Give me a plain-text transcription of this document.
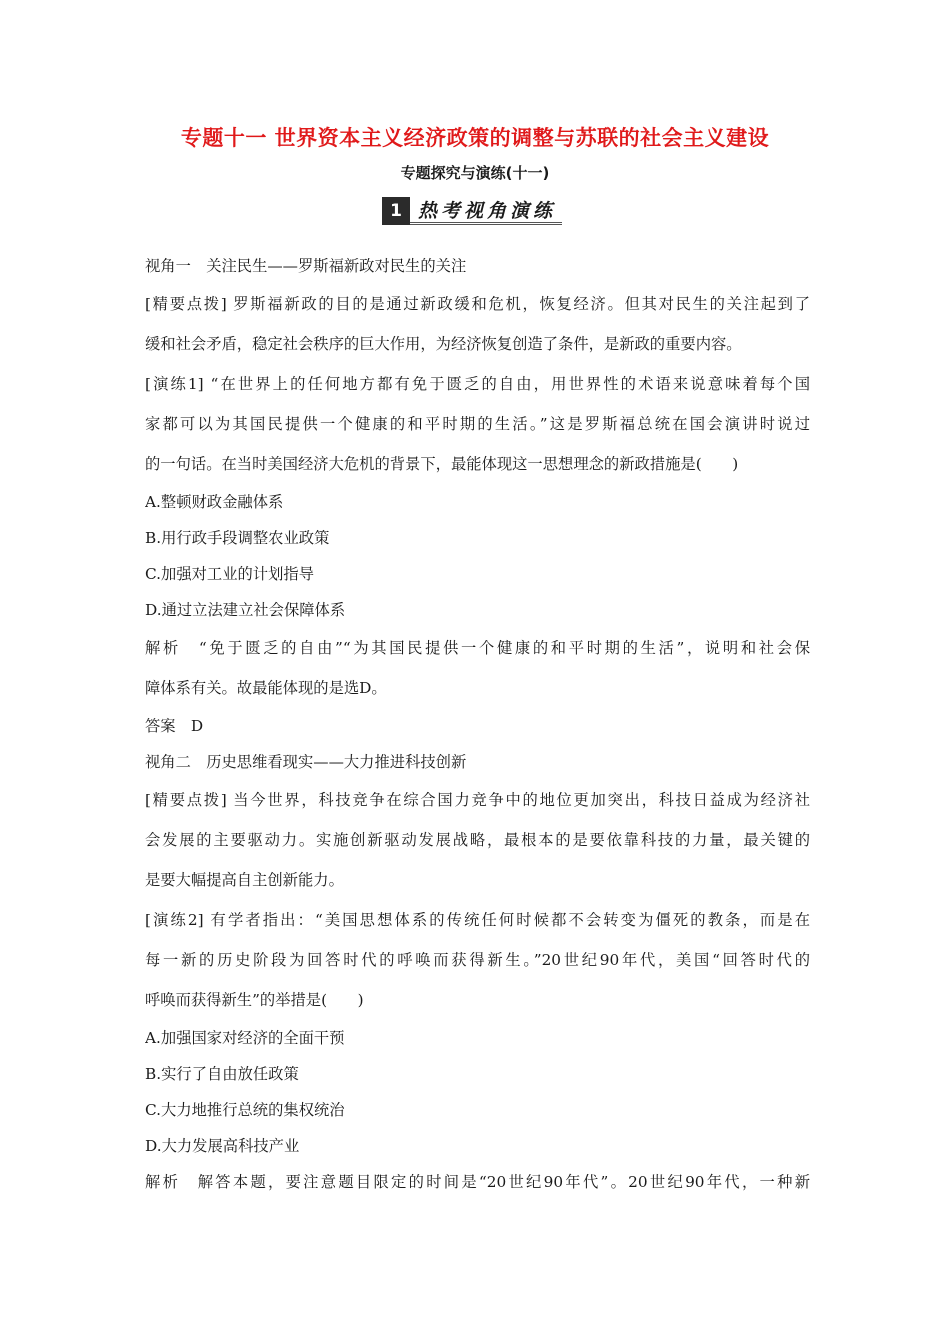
专题十一 世界资本主义经济政策的调整与苏联的社会主义建设
专题探究与演练(十一)
1 热考视角演练
视角一　关注民生——罗斯福新政对民生的关注
[精要点拨] 罗斯福新政的目的是通过新政缓和危机，恢复经济。但其对民生的关注起到了
缓和社会矛盾，稳定社会秩序的巨大作用，为经济恢复创造了条件，是新政的重要内容。
[演练1] “在世界上的任何地方都有免于匮乏的自由，用世界性的术语来说意味着每个国
家都可以为其国民提供一个健康的和平时期的生活。”这是罗斯福总统在国会演讲时说过
的一句话。在当时美国经济大危机的背景下，最能体现这一思想理念的新政措施是(　　)
A.整顿财政金融体系
B.用行政手段调整农业政策
C.加强对工业的计划指导
D.通过立法建立社会保障体系
解析　“免于匮乏的自由”“为其国民提供一个健康的和平时期的生活”，说明和社会保
障体系有关。故最能体现的是选D。
答案　D
视角二　历史思维看现实——大力推进科技创新
[精要点拨] 当今世界，科技竞争在综合国力竞争中的地位更加突出，科技日益成为经济社
会发展的主要驱动力。实施创新驱动发展战略，最根本的是要依靠科技的力量，最关键的
是要大幅提高自主创新能力。
[演练2] 有学者指出：“美国思想体系的传统任何时候都不会转变为僵死的教条，而是在
每一新的历史阶段为回答时代的呼唤而获得新生。”20世纪90年代，美国“回答时代的
呼唤而获得新生”的举措是(　　)
A.加强国家对经济的全面干预
B.实行了自由放任政策
C.大力地推行总统的集权统治
D.大力发展高科技产业
解析　解答本题，要注意题目限定的时间是“20世纪90年代”。20世纪90年代，一种新
